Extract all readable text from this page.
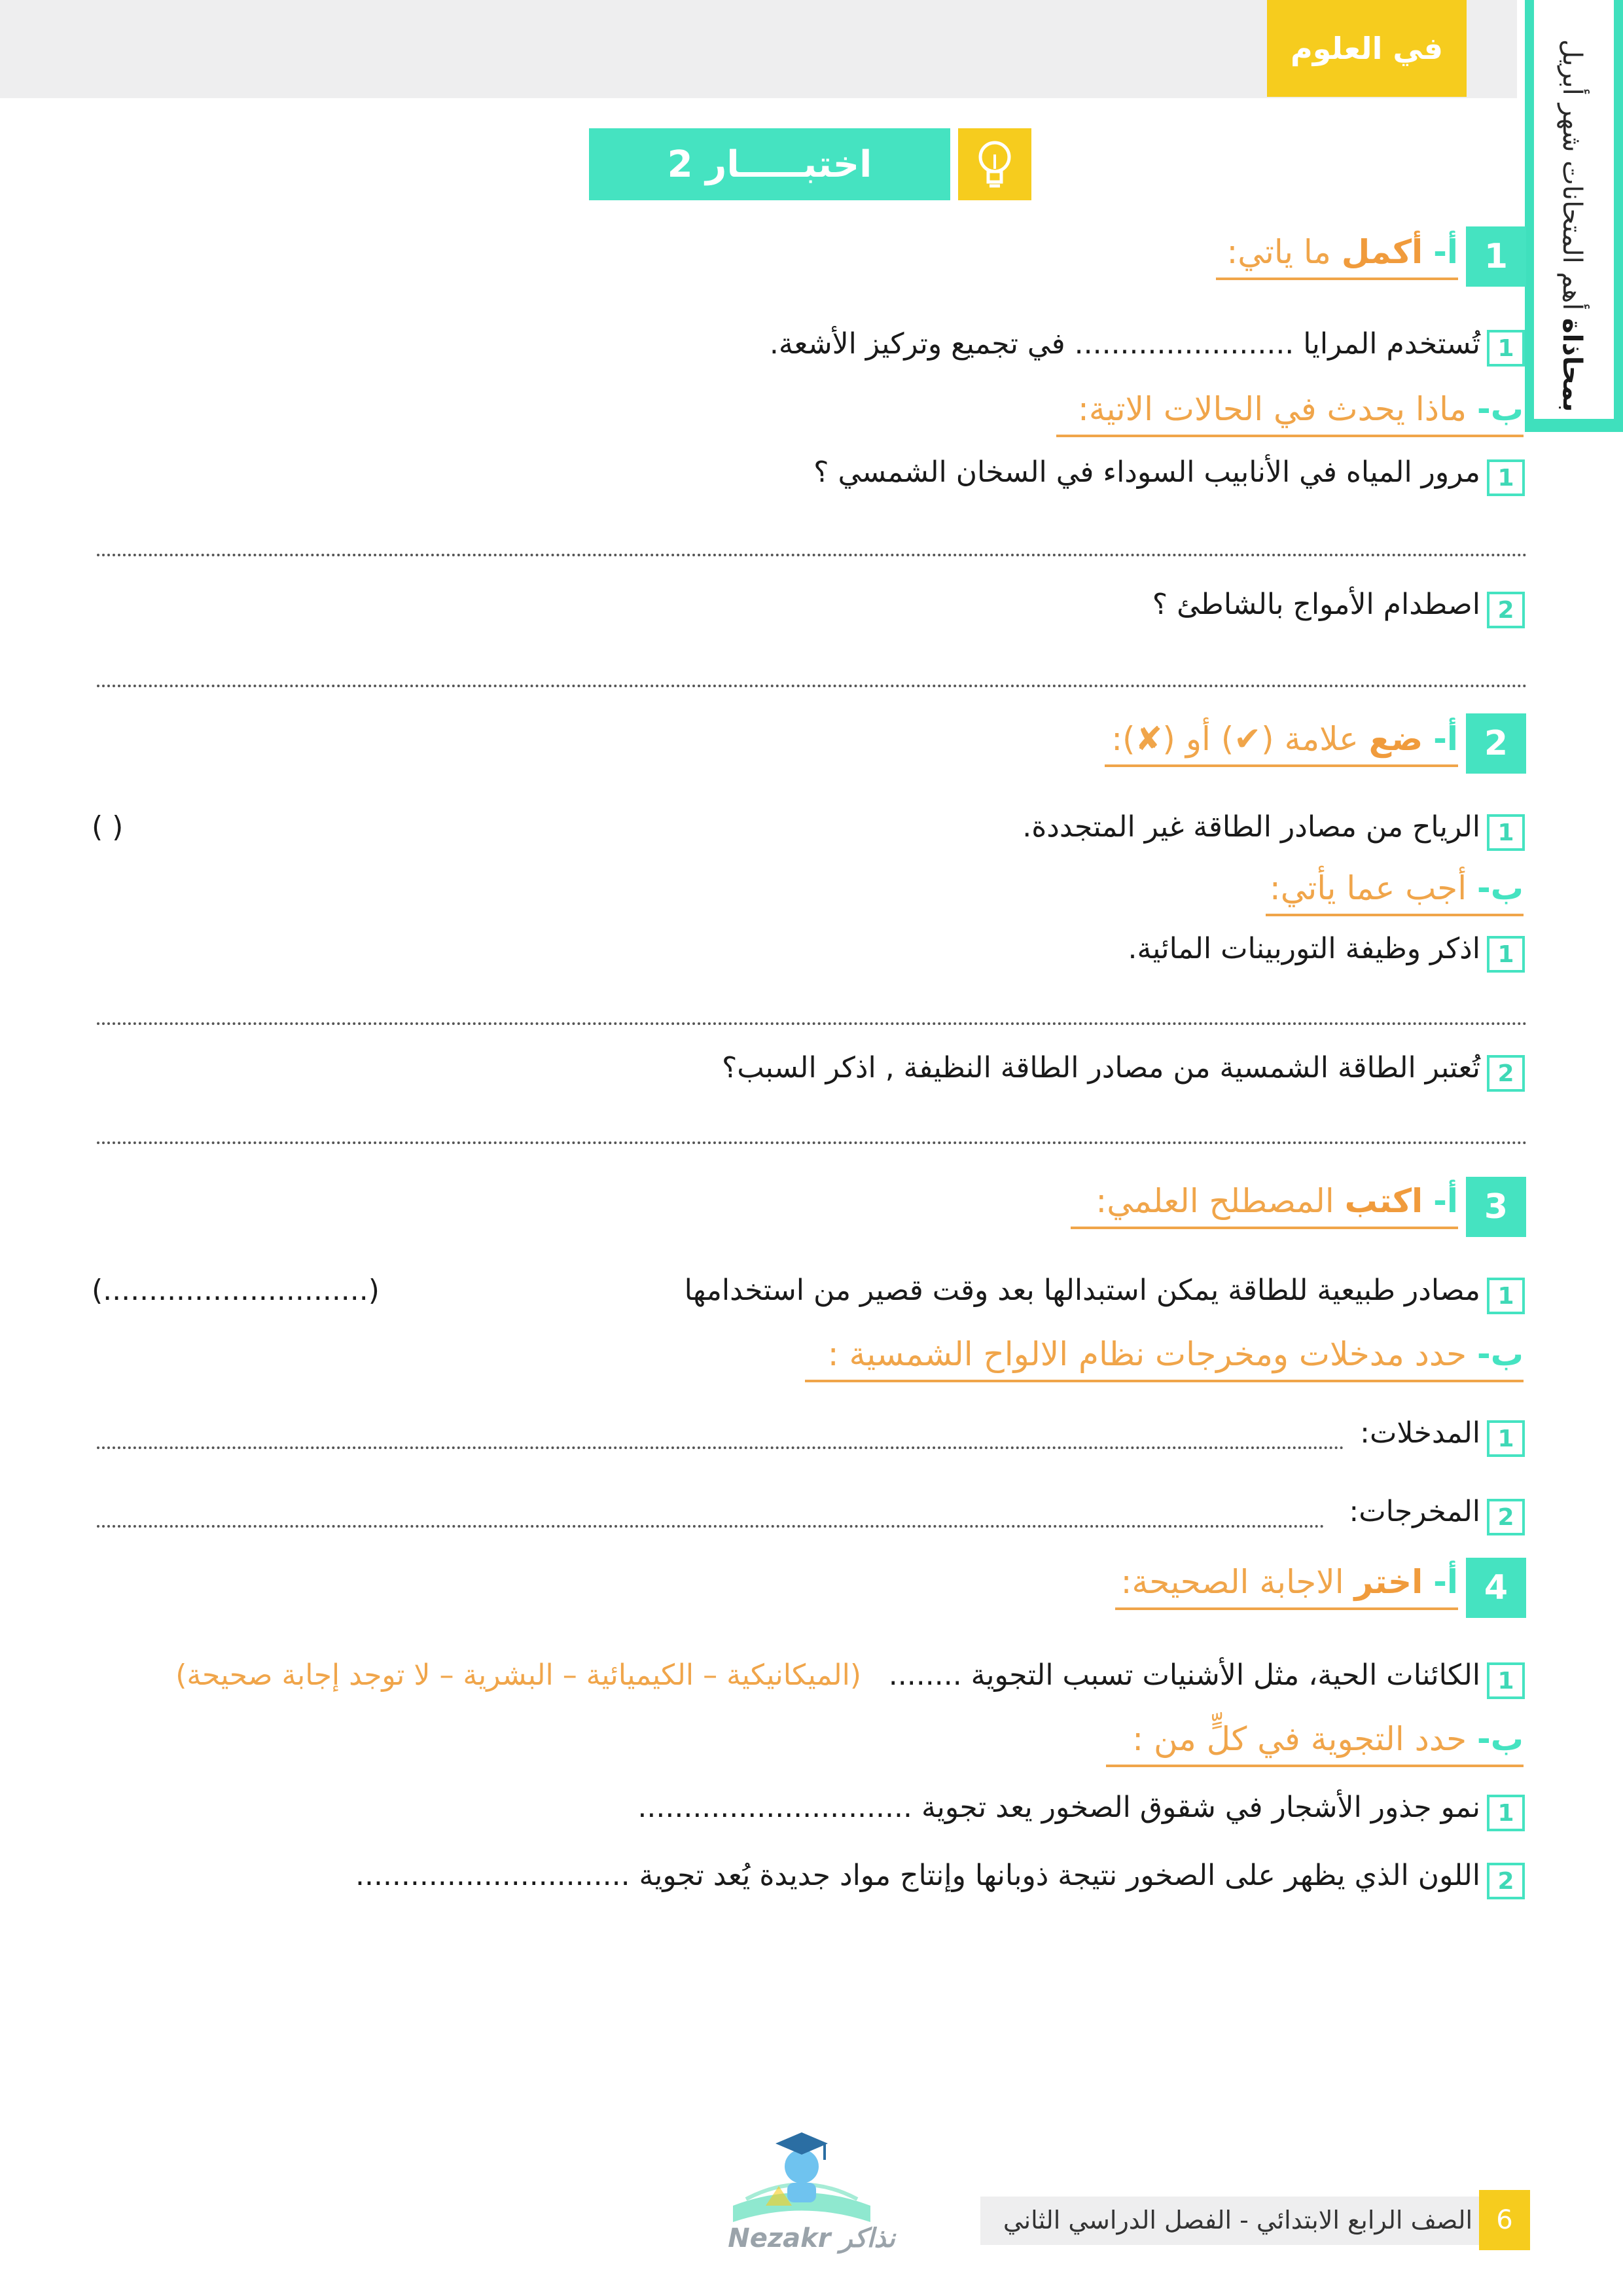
في العلوم
بمحاذاة

أهم المتحانات شهر أبريل
اختبـــــار 2
1
أ- أكمل ما ياتي:
1
تُستخدم المرايا ........................ في تجميع وتركيز الأشعة.
ب- ماذا يحدث في الحالات الاتية:
1
مرور المياه في الأنابيب السوداء في السخان الشمسي ؟
2
اصطدام الأمواج بالشاطئ ؟
2
أ- ضع علامة (✔) أو (✘):
1
الرياح من مصادر الطاقة غير المتجددة.
( )
ب- أجب عما يأتي:
1
اذكر وظيفة التوربينات المائية.
2
تُعتبر الطاقة الشمسية من مصادر الطاقة النظيفة , اذكر السبب؟
3
أ- اكتب المصطلح العلمي:
1
مصادر طبيعية للطاقة يمكن استبدالها بعد وقت قصير من استخدامها
(.............................)
ب- حدد مدخلات ومخرجات نظام الالواح الشمسية :
1
المدخلات:
2
المخرجات:
4
أ- اختر الاجابة الصحيحة:
1
الكائنات الحية، مثل الأشنيات تسبب التجوية ........
(الميكانيكية – الكيميائية – البشرية – لا توجد إجابة صحيحة)
ب- حدد التجوية في كلٍّ من :
1
نمو جذور الأشجار في شقوق الصخور يعد تجوية ..............................
2
اللون الذي يظهر على الصخور نتيجة ذوبانها وإنتاج مواد جديدة يُعد تجوية ..............................
Nezakr نذاكر
6
الصف الرابع الابتدائي - الفصل الدراسي الثاني
